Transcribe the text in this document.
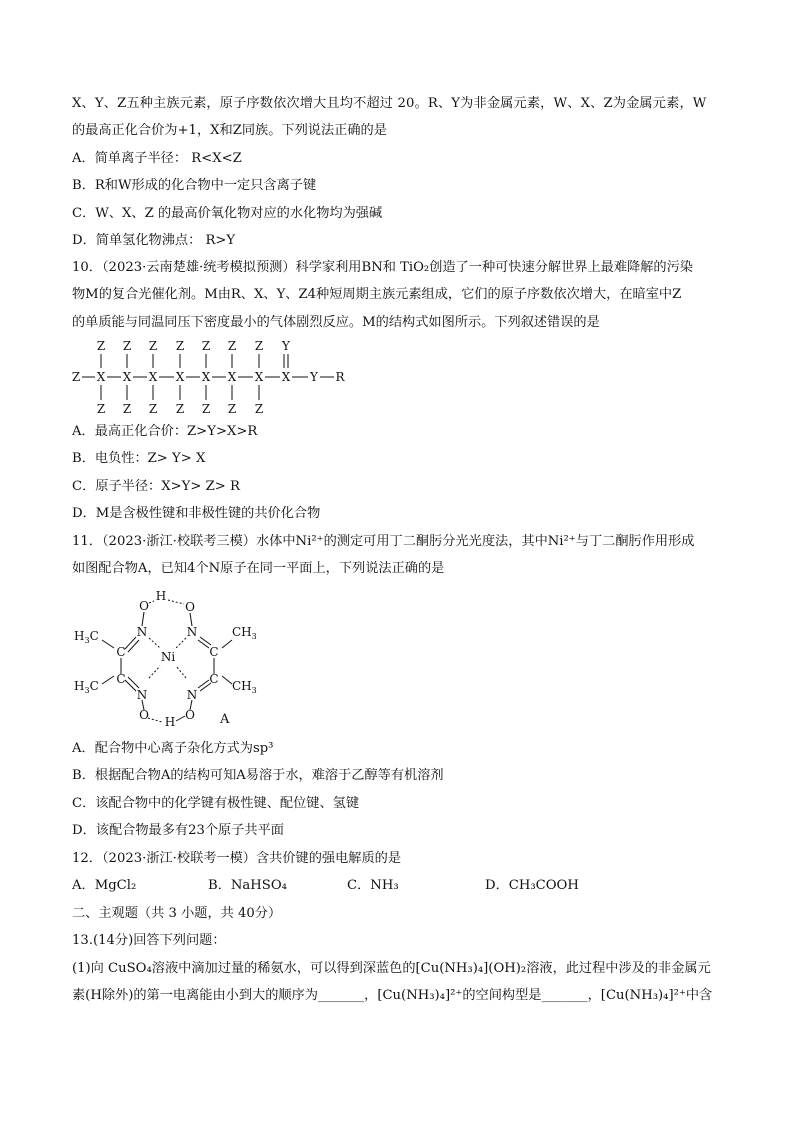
X、Y、Z五种主族元素，原子序数依次增大且均不超过 20。R、Y为非金属元素，W、X、Z为金属元素，W
的最高正化合价为+1，X和Z同族。下列说法正确的是
A．简单离子半径： R<X<Z
B．R和W形成的化合物中一定只含离子键
C．W、X、Z 的最高价氧化物对应的水化物均为强碱
D．简单氢化物沸点： R>Y
10．（2023·云南楚雄·统考模拟预测）科学家利用BN和 TiO₂创造了一种可快速分解世界上最难降解的污染
物M的复合光催化剂。M由R、X、Y、Z4种短周期主族元素组成，它们的原子序数依次增大，在暗室中Z
的单质能与同温同压下密度最小的气体剧烈反应。M的结构式如图所示。下列叙述错误的是
Z Z Z Z Z Z Z Y
Z X X X X X X X X Y R
Z Z Z Z Z Z Z
A．最高正化合价：Z>Y>X>R
B．电负性：Z> Y> X
C．原子半径：X>Y> Z> R
D．M是含极性键和非极性键的共价化合物
11．（2023·浙江·校联考三模）水体中Ni²⁺的测定可用丁二酮肟分光光度法，其中Ni²⁺与丁二酮肟作用形成
如图配合物A，已知4个N原子在同一平面上，下列说法正确的是
H
O	O
N	N
Ni
C	C
C	C
N	N
O	O
H
$H_3C$
$H_3C$
$CH_3$
$CH_3$
A
A．配合物中心离子杂化方式为sp³
B．根据配合物A的结构可知A易溶于水，难溶于乙醇等有机溶剂
C．该配合物中的化学键有极性键、配位键、氢键
D．该配合物最多有23个原子共平面
12．（2023·浙江·校联考一模）含共价键的强电解质的是
A．MgCl₂	B．NaHSO₄	C．NH₃	D．CH₃COOH
二、主观题（共 3 小题，共 40分）
13.(14分)回答下列问题：
(1)向 CuSO₄溶液中滴加过量的稀氨水，可以得到深蓝色的[Cu(NH₃)₄](OH)₂溶液，此过程中涉及的非金属元
素(H除外)的第一电离能由小到大的顺序为_______，[Cu(NH₃)₄]²⁺的空间构型是_______，[Cu(NH₃)₄]²⁺中含
